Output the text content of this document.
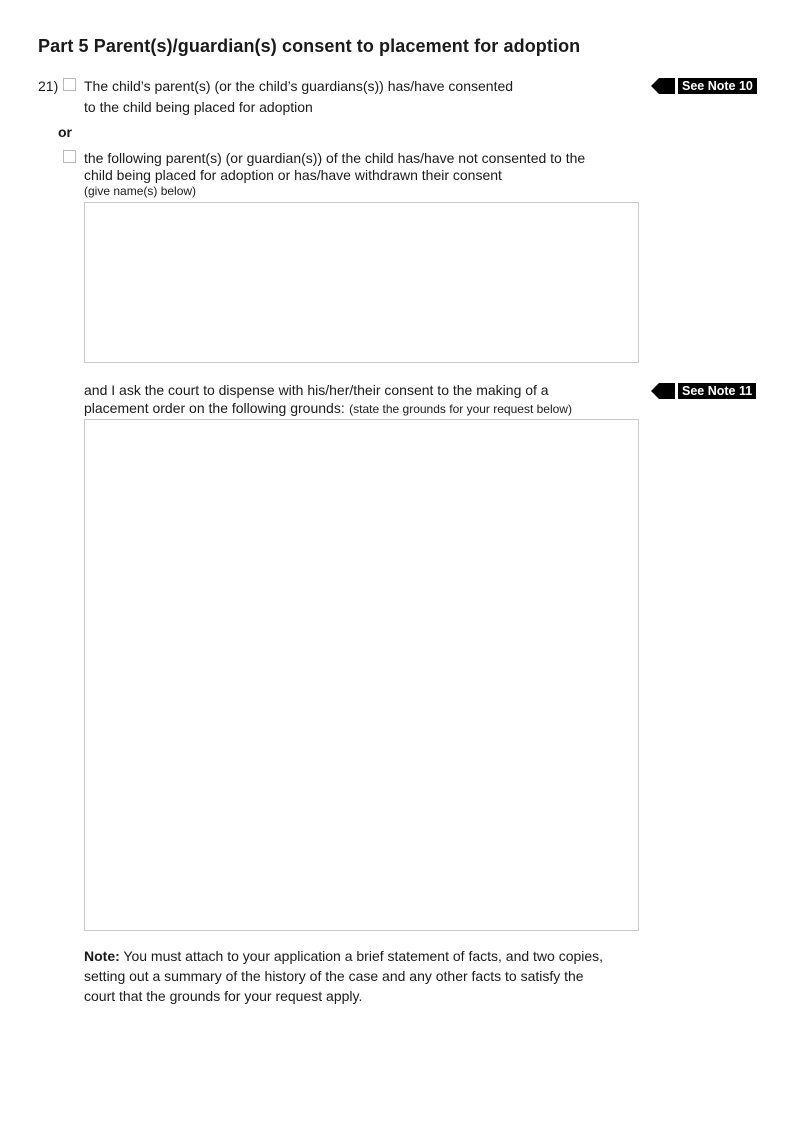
Part 5 Parent(s)/guardian(s) consent to placement for adoption
21) The child’s parent(s) (or the child’s guardians(s)) has/have consented
to the child being placed for adoption
See Note 10
or
the following parent(s) (or guardian(s)) of the child has/have not consented to the
child being placed for adoption or has/have withdrawn their consent
(give name(s) below)
and I ask the court to dispense with his/her/their consent to the making of a
placement order on the following grounds: (state the grounds for your request below)
See Note 11
Note: You must attach to your application a brief statement of facts, and two copies,
setting out a summary of the history of the case and any other facts to satisfy the
court that the grounds for your request apply.
